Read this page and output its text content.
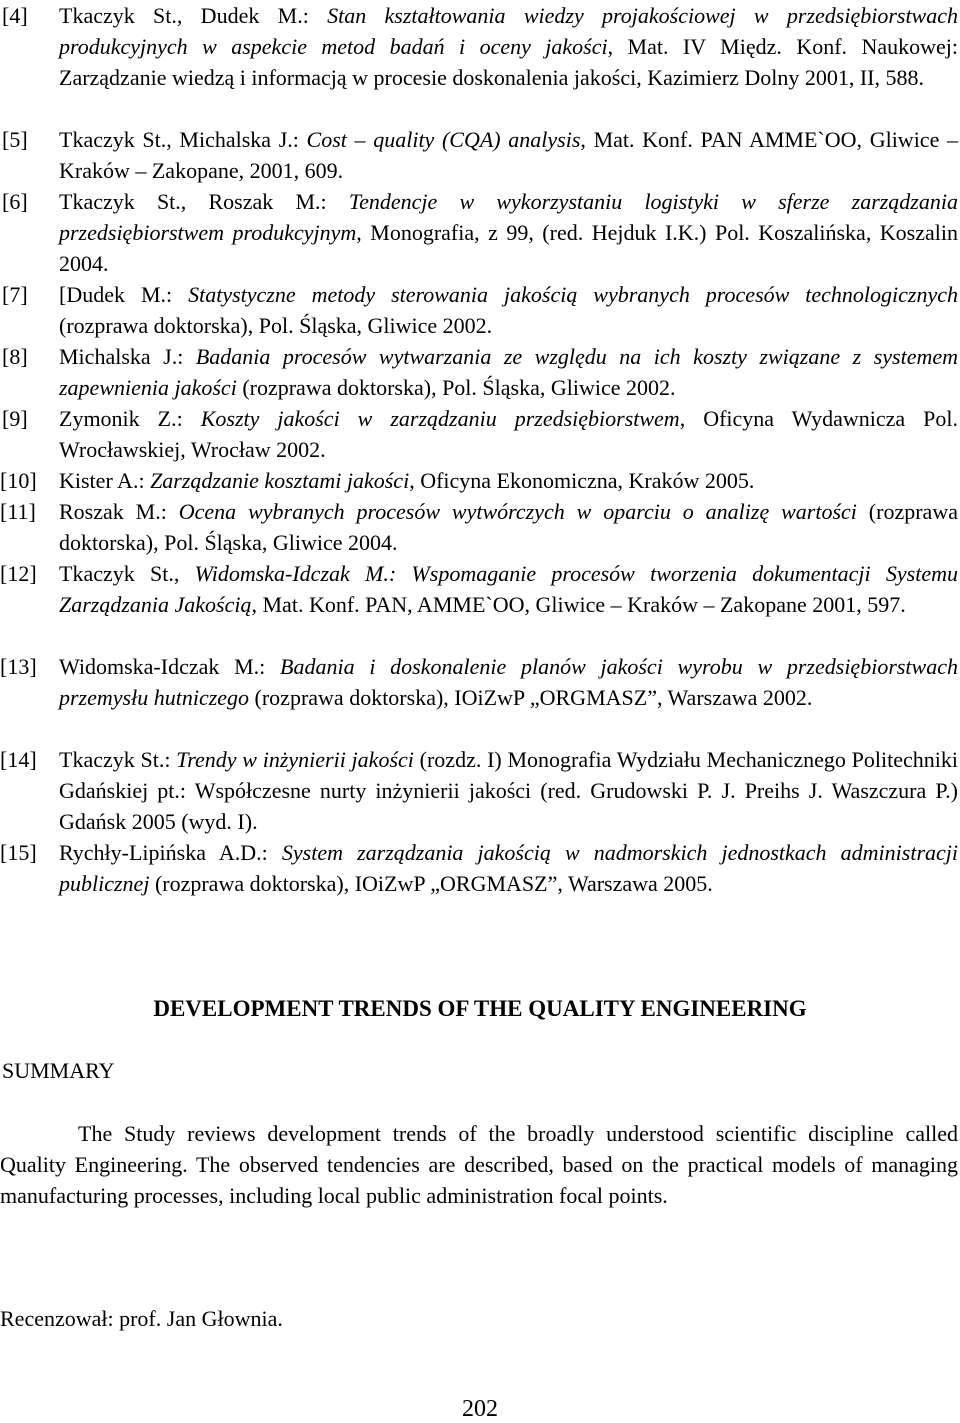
[4] Tkaczyk St., Dudek M.: Stan kształtowania wiedzy projakościowej w przedsiębiorstwach produkcyjnych w aspekcie metod badań i oceny jakości, Mat. IV Międz. Konf. Naukowej: Zarządzanie wiedzą i informacją w procesie doskonalenia jakości, Kazimierz Dolny 2001, II, 588.
[5] Tkaczyk St., Michalska J.: Cost – quality (CQA) analysis, Mat. Konf. PAN AMME`OO, Gliwice – Kraków – Zakopane, 2001, 609.
[6] Tkaczyk St., Roszak M.: Tendencje w wykorzystaniu logistyki w sferze zarządzania przedsiębiorstwem produkcyjnym, Monografia, z 99, (red. Hejduk I.K.) Pol. Koszalińska, Koszalin 2004.
[7] [Dudek M.: Statystyczne metody sterowania jakością wybranych procesów technologicznych (rozprawa doktorska), Pol. Śląska, Gliwice 2002.
[8] Michalska J.: Badania procesów wytwarzania ze względu na ich koszty związane z systemem zapewnienia jakości (rozprawa doktorska), Pol. Śląska, Gliwice 2002.
[9] Zymonik Z.: Koszty jakości w zarządzaniu przedsiębiorstwem, Oficyna Wydawnicza Pol. Wrocławskiej, Wrocław 2002.
[10] Kister A.: Zarządzanie kosztami jakości, Oficyna Ekonomiczna, Kraków 2005.
[11] Roszak M.: Ocena wybranych procesów wytwórczych w oparciu o analizę wartości (rozprawa doktorska), Pol. Śląska, Gliwice 2004.
[12] Tkaczyk St., Widomska-Idczak M.: Wspomaganie procesów tworzenia dokumentacji Systemu Zarządzania Jakością, Mat. Konf. PAN, AMME`OO, Gliwice – Kraków – Zakopane 2001, 597.
[13] Widomska-Idczak M.: Badania i doskonalenie planów jakości wyrobu w przedsiębiorstwach przemysłu hutniczego (rozprawa doktorska), IOiZwP „ORGMASZ”, Warszawa 2002.
[14] Tkaczyk St.: Trendy w inżynierii jakości (rozdz. I) Monografia Wydziału Mechanicznego Politechniki Gdańskiej pt.: Współczesne nurty inżynierii jakości (red. Grudowski P. J. Preihs J. Waszczura P.) Gdańsk 2005 (wyd. I).
[15] Rychły-Lipińska A.D.: System zarządzania jakością w nadmorskich jednostkach administracji publicznej (rozprawa doktorska), IOiZwP „ORGMASZ”, Warszawa 2005.
DEVELOPMENT TRENDS OF THE QUALITY ENGINEERING
SUMMARY
The Study reviews development trends of the broadly understood scientific discipline called Quality Engineering. The observed tendencies are described, based on the practical models of managing manufacturing processes, including local public administration focal points.
Recenzował: prof. Jan Głownia.
202
